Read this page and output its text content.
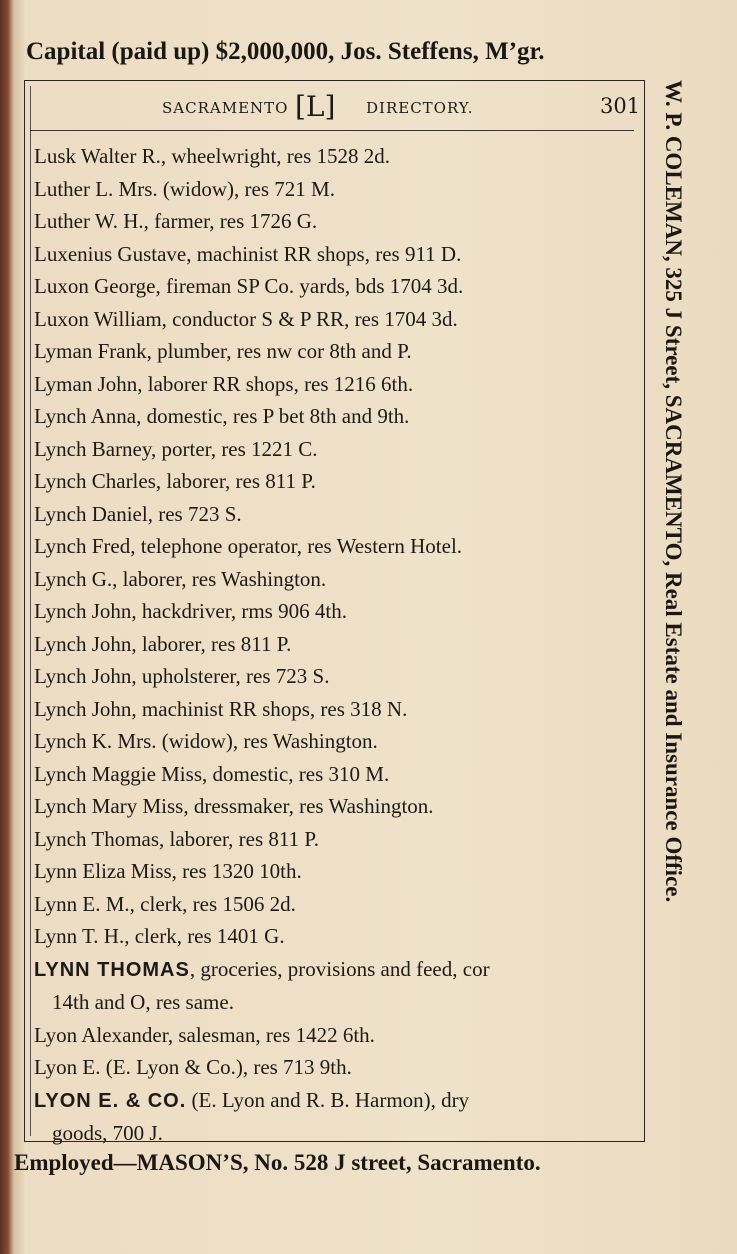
Capital (paid up) $2,000,000, Jos. Steffens, M’gr.
SACRAMENTO [L] DIRECTORY.	301
Lusk Walter R., wheelwright, res 1528 2d.
Luther L. Mrs. (widow), res 721 M.
Luther W. H., farmer, res 1726 G.
Luxenius Gustave, machinist RR shops, res 911 D.
Luxon George, fireman SP Co. yards, bds 1704 3d.
Luxon William, conductor S & P RR, res 1704 3d.
Lyman Frank, plumber, res nw cor 8th and P.
Lyman John, laborer RR shops, res 1216 6th.
Lynch Anna, domestic, res P bet 8th and 9th.
Lynch Barney, porter, res 1221 C.
Lynch Charles, laborer, res 811 P.
Lynch Daniel, res 723 S.
Lynch Fred, telephone operator, res Western Hotel.
Lynch G., laborer, res Washington.
Lynch John, hackdriver, rms 906 4th.
Lynch John, laborer, res 811 P.
Lynch John, upholsterer, res 723 S.
Lynch John, machinist RR shops, res 318 N.
Lynch K. Mrs. (widow), res Washington.
Lynch Maggie Miss, domestic, res 310 M.
Lynch Mary Miss, dressmaker, res Washington.
Lynch Thomas, laborer, res 811 P.
Lynn Eliza Miss, res 1320 10th.
Lynn E. M., clerk, res 1506 2d.
Lynn T. H., clerk, res 1401 G.
LYNN THOMAS, groceries, provisions and feed, cor
14th and O, res same.
Lyon Alexander, salesman, res 1422 6th.
Lyon E. (E. Lyon & Co.), res 713 9th.
LYON E. & CO. (E. Lyon and R. B. Harmon), dry
goods, 700 J.
W. P. COLEMAN, 325 J Street, SACRAMENTO, Real Estate and Insurance Office.
Employed—MASON’S, No. 528 J street, Sacramento.
